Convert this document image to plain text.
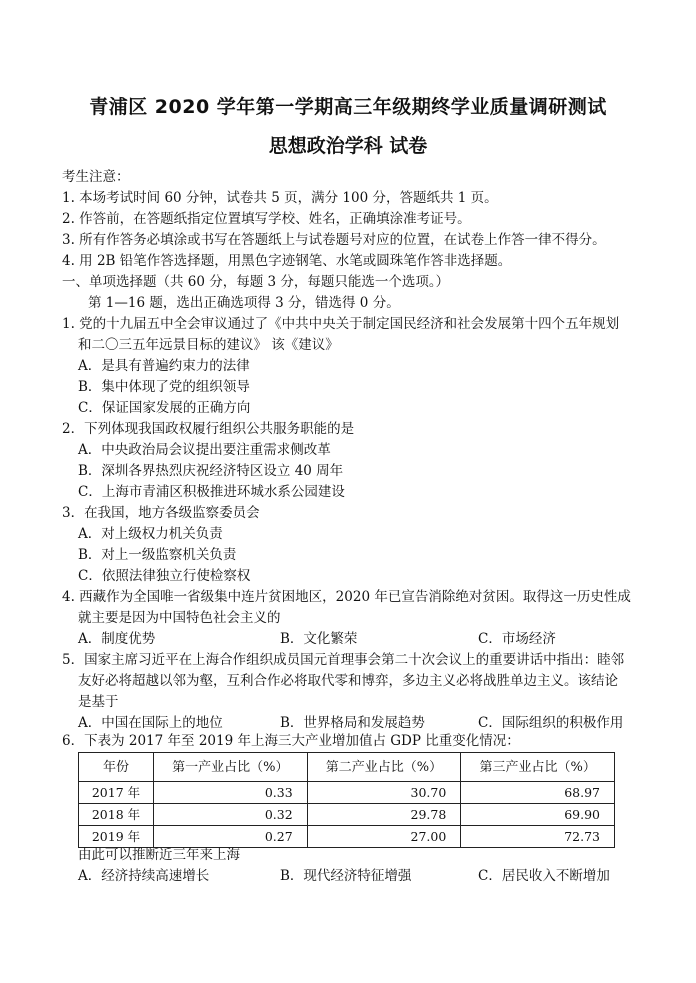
青浦区 2020 学年第一学期高三年级期终学业质量调研测试
思想政治学科 试卷
考生注意：
1. 本场考试时间 60 分钟，试卷共 5 页，满分 100 分，答题纸共 1 页。
2. 作答前，在答题纸指定位置填写学校、姓名，正确填涂准考证号。
3. 所有作答务必填涂或书写在答题纸上与试卷题号对应的位置，在试卷上作答一律不得分。
4. 用 2B 铅笔作答选择题，用黑色字迹钢笔、水笔或圆珠笔作答非选择题。
一、单项选择题（共 60 分，每题 3 分，每题只能选一个选项。）
第 1—16 题，选出正确选项得 3 分，错选得 0 分。
1. 党的十九届五中全会审议通过了《中共中央关于制定国民经济和社会发展第十四个五年规划
和二〇三五年远景目标的建议》 该《建议》
A．是具有普遍约束力的法律
B．集中体现了党的组织领导
C．保证国家发展的正确方向
2．下列体现我国政权履行组织公共服务职能的是
A．中央政治局会议提出要注重需求侧改革
B．深圳各界热烈庆祝经济特区设立 40 周年
C．上海市青浦区积极推进环城水系公园建设
3．在我国，地方各级监察委员会
A．对上级权力机关负责
B．对上一级监察机关负责
C．依照法律独立行使检察权
4. 西藏作为全国唯一省级集中连片贫困地区，2020 年已宣告消除绝对贫困。取得这一历史性成
就主要是因为中国特色社会主义的
A．制度优势	B．文化繁荣	C．市场经济
5．国家主席习近平在上海合作组织成员国元首理事会第二十次会议上的重要讲话中指出：睦邻
友好必将超越以邻为壑，互利合作必将取代零和博弈，多边主义必将战胜单边主义。该结论
是基于
A．中国在国际上的地位	B．世界格局和发展趋势	C．国际组织的积极作用
6．下表为 2017 年至 2019 年上海三大产业增加值占 GDP 比重变化情况：
年份	第一产业占比（%）	第二产业占比（%）	第三产业占比（%）
2017 年	0.33	30.70	68.97
2018 年	0.32	29.78	69.90
2019 年	0.27	27.00	72.73
由此可以推断近三年来上海
A．经济持续高速增长	B．现代经济特征增强	C．居民收入不断增加
